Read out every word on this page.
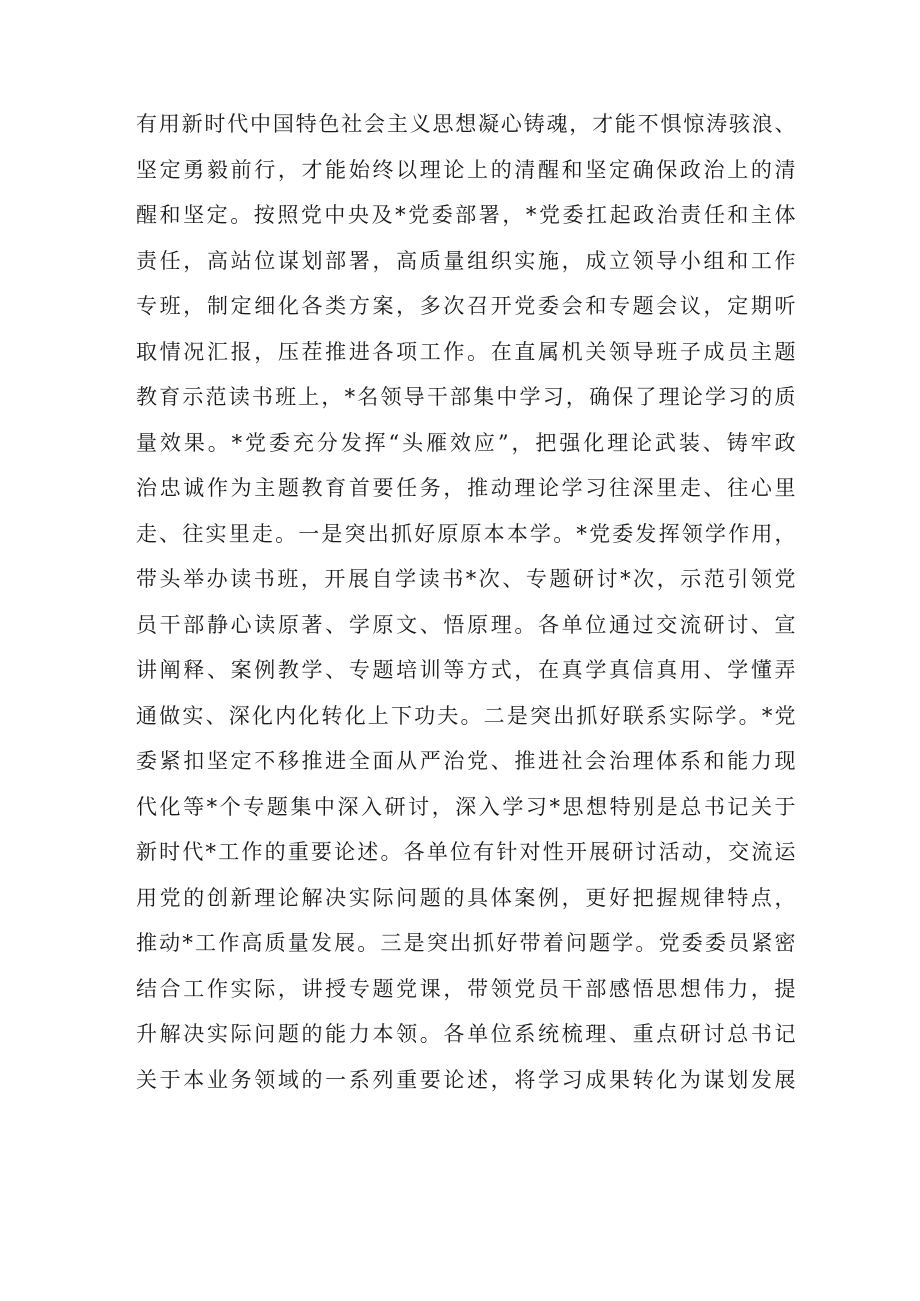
有用新时代中国特色社会主义思想凝心铸魂，才能不惧惊涛骇浪、
坚定勇毅前行，才能始终以理论上的清醒和坚定确保政治上的清
醒和坚定。按照党中央及*党委部署，*党委扛起政治责任和主体
责任，高站位谋划部署，高质量组织实施，成立领导小组和工作
专班，制定细化各类方案，多次召开党委会和专题会议，定期听
取情况汇报，压茬推进各项工作。在直属机关领导班子成员主题
教育示范读书班上，*名领导干部集中学习，确保了理论学习的质
量效果。*党委充分发挥“头雁效应”，把强化理论武装、铸牢政
治忠诚作为主题教育首要任务，推动理论学习往深里走、往心里
走、往实里走。一是突出抓好原原本本学。*党委发挥领学作用，
带头举办读书班，开展自学读书*次、专题研讨*次，示范引领党
员干部静心读原著、学原文、悟原理。各单位通过交流研讨、宣
讲阐释、案例教学、专题培训等方式，在真学真信真用、学懂弄
通做实、深化内化转化上下功夫。二是突出抓好联系实际学。*党
委紧扣坚定不移推进全面从严治党、推进社会治理体系和能力现
代化等*个专题集中深入研讨，深入学习*思想特别是总书记关于
新时代*工作的重要论述。各单位有针对性开展研讨活动，交流运
用党的创新理论解决实际问题的具体案例，更好把握规律特点，
推动*工作高质量发展。三是突出抓好带着问题学。党委委员紧密
结合工作实际，讲授专题党课，带领党员干部感悟思想伟力，提
升解决实际问题的能力本领。各单位系统梳理、重点研讨总书记
关于本业务领域的一系列重要论述，将学习成果转化为谋划发展
